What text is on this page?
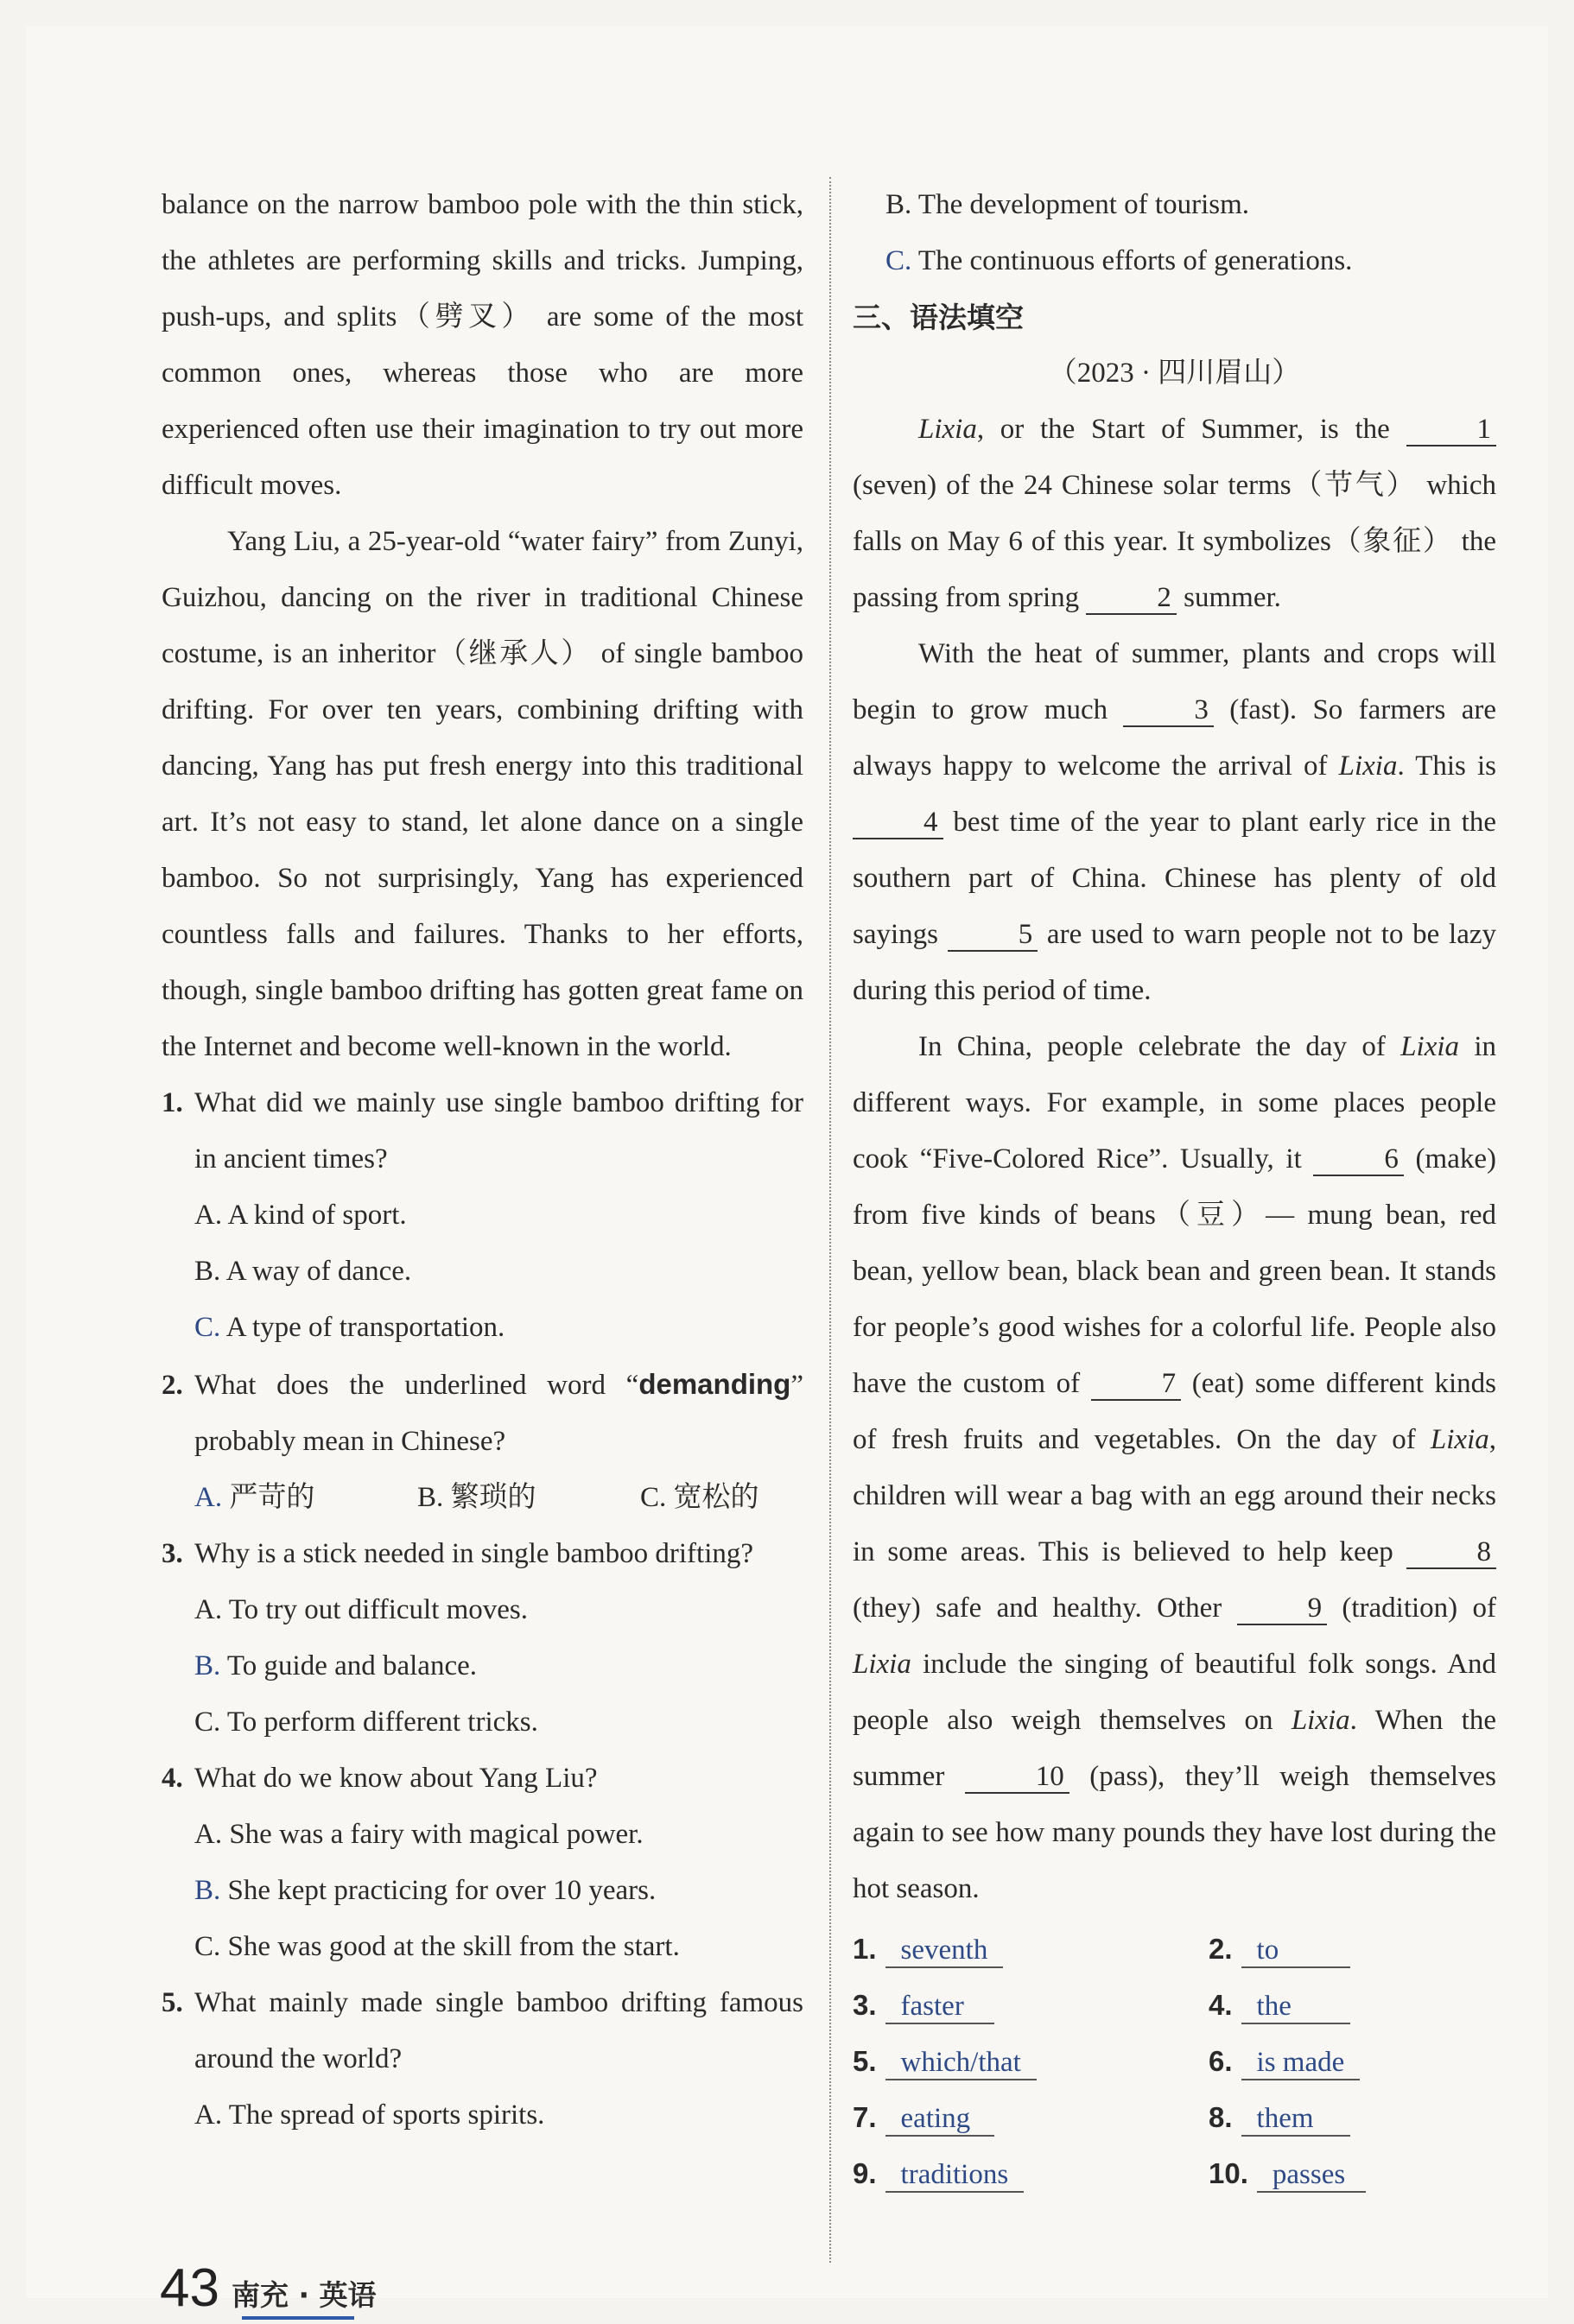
balance on the narrow bamboo pole with the thin stick, the athletes are performing skills and tricks. Jumping, push-ups, and splits（劈叉） are some of the most common ones, whereas those who are more experienced often use their imagination to try out more difficult moves.

Yang Liu, a 25-year-old “water fairy” from Zunyi, Guizhou, dancing on the river in traditional Chinese costume, is an inheritor（继承人） of single bamboo drifting. For over ten years, combining drifting with dancing, Yang has put fresh energy into this traditional art. It’s not easy to stand, let alone dance on a single bamboo. So not surprisingly, Yang has experienced countless falls and failures. Thanks to her efforts, though, single bamboo drifting has gotten great fame on the Internet and become well-known in the world.

1. What did we mainly use single bamboo drifting for in ancient times?

A. A kind of sport.

B. A way of dance.

C. A type of transportation.

2. What does the underlined word “demanding” probably mean in Chinese?

A. 严苛的	B. 繁琐的	C. 宽松的

3. Why is a stick needed in single bamboo drifting?

A. To try out difficult moves.

B. To guide and balance.

C. To perform different tricks.

4. What do we know about Yang Liu?

A. She was a fairy with magical power.

B. She kept practicing for over 10 years.

C. She was good at the skill from the start.

5. What mainly made single bamboo drifting famous around the world?

A. The spread of sports spirits.

B. The development of tourism.

C. The continuous efforts of generations.

三、语法填空

（2023 · 四川眉山）

Lixia, or the Start of Summer, is the 1 (seven) of the 24 Chinese solar terms（节气） which falls on May 6 of this year. It symbolizes（象征） the passing from spring 2 summer.

With the heat of summer, plants and crops will begin to grow much 3 (fast). So farmers are always happy to welcome the arrival of Lixia. This is 4 best time of the year to plant early rice in the southern part of China. Chinese has plenty of old sayings 5 are used to warn people not to be lazy during this period of time.

In China, people celebrate the day of Lixia in different ways. For example, in some places people cook “Five-Colored Rice”. Usually, it 6 (make) from five kinds of beans（豆）— mung bean, red bean, yellow bean, black bean and green bean. It stands for people’s good wishes for a colorful life. People also have the custom of 7 (eat) some different kinds of fresh fruits and vegetables. On the day of Lixia, children will wear a bag with an egg around their necks in some areas. This is believed to help keep 8 (they) safe and healthy. Other 9 (tradition) of Lixia include the singing of beautiful folk songs. And people also weigh themselves on Lixia. When the summer 10 (pass), they’ll weigh themselves again to see how many pounds they have lost during the hot season.

1. seventh	2. to
3. faster	4. the
5. which/that	6. is made
7. eating	8. them
9. traditions	10. passes
43 南充 · 英语
